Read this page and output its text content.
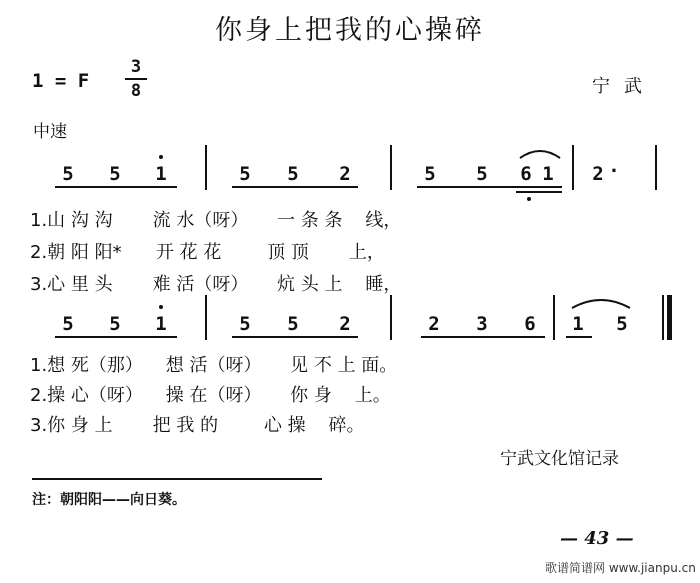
你身上把我的心操碎
1 = F
3
8	宁武
中速
5 5 1	5 5 2	5 5 6 1 2 ·
1.山 沟 沟       流 水（呀）     一 条 条    线，
2.朝 阳 阳*      开 花 花        顶 顶       上，
3.心 里 头       难 活（呀）     炕 头 上    睡，
5 5 1	5 5 2	2 3 6 1 5
1.想 死（那）    想 活（呀）     见 不 上 面。
2.操 心（呀）    操 在（呀）     你 身    上。
3.你 身 上       把 我 的        心 操    碎。
宁武文化馆记录
注：朝阳阳——向日葵。
— 43 —
歌谱简谱网 www.jianpu.cn
